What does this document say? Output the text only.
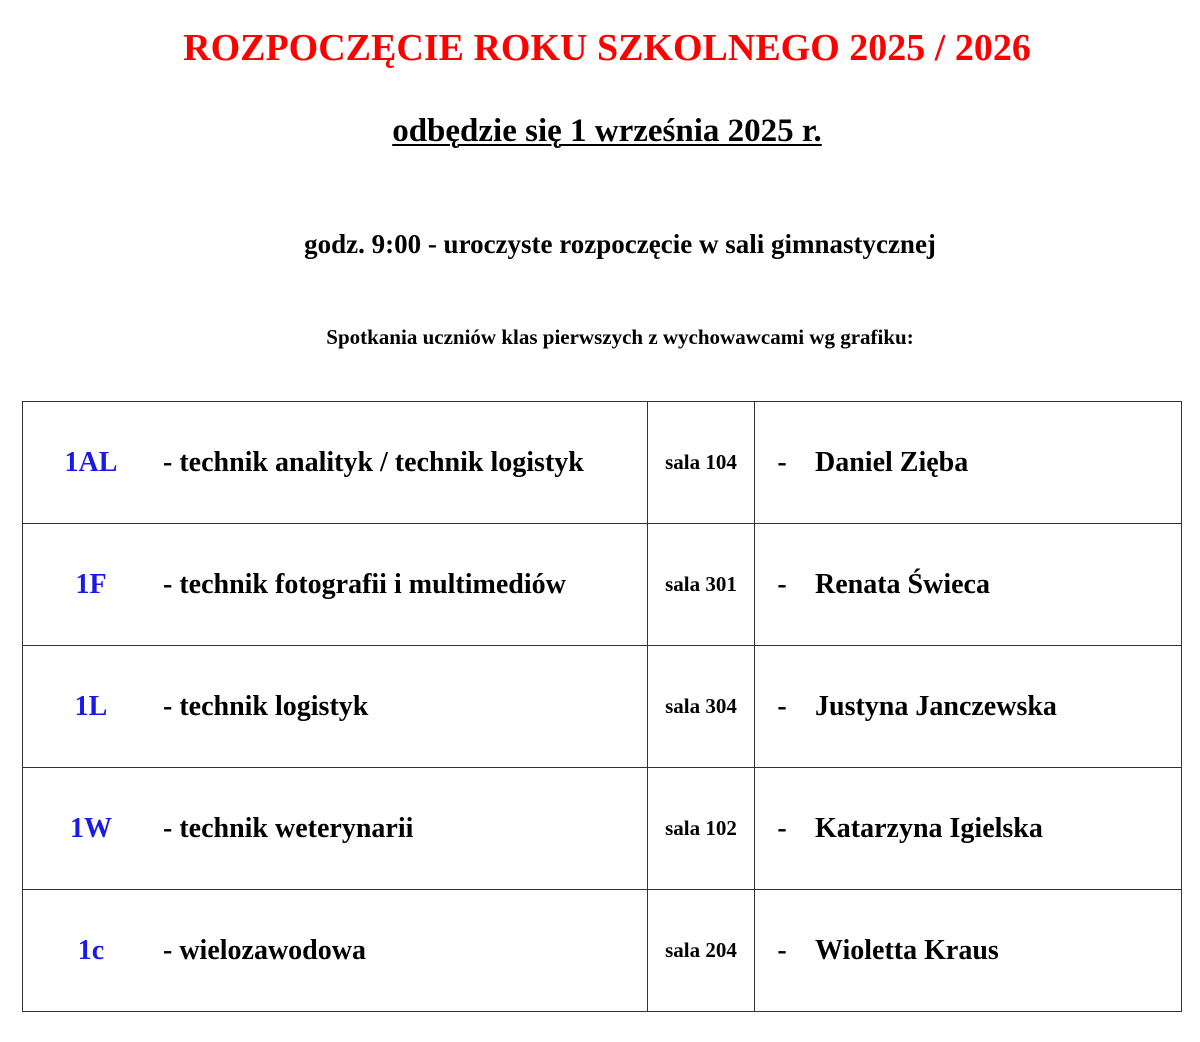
ROZPOCZĘCIE ROKU SZKOLNEGO 2025 / 2026
odbędzie się 1 września 2025 r.
godz. 9:00 - uroczyste rozpoczęcie w sali gimnastycznej
Spotkania uczniów klas pierwszych z wychowawcami wg grafiku:
1AL - technik analityk / technik logistyk	sala 104	- Daniel Zięba
1F - technik fotografii i multimediów	sala 301	- Renata Świeca
1L - technik logistyk	sala 304	- Justyna Janczewska
1W - technik weterynarii	sala 102	- Katarzyna Igielska
1c - wielozawodowa	sala 204	- Wioletta Kraus
